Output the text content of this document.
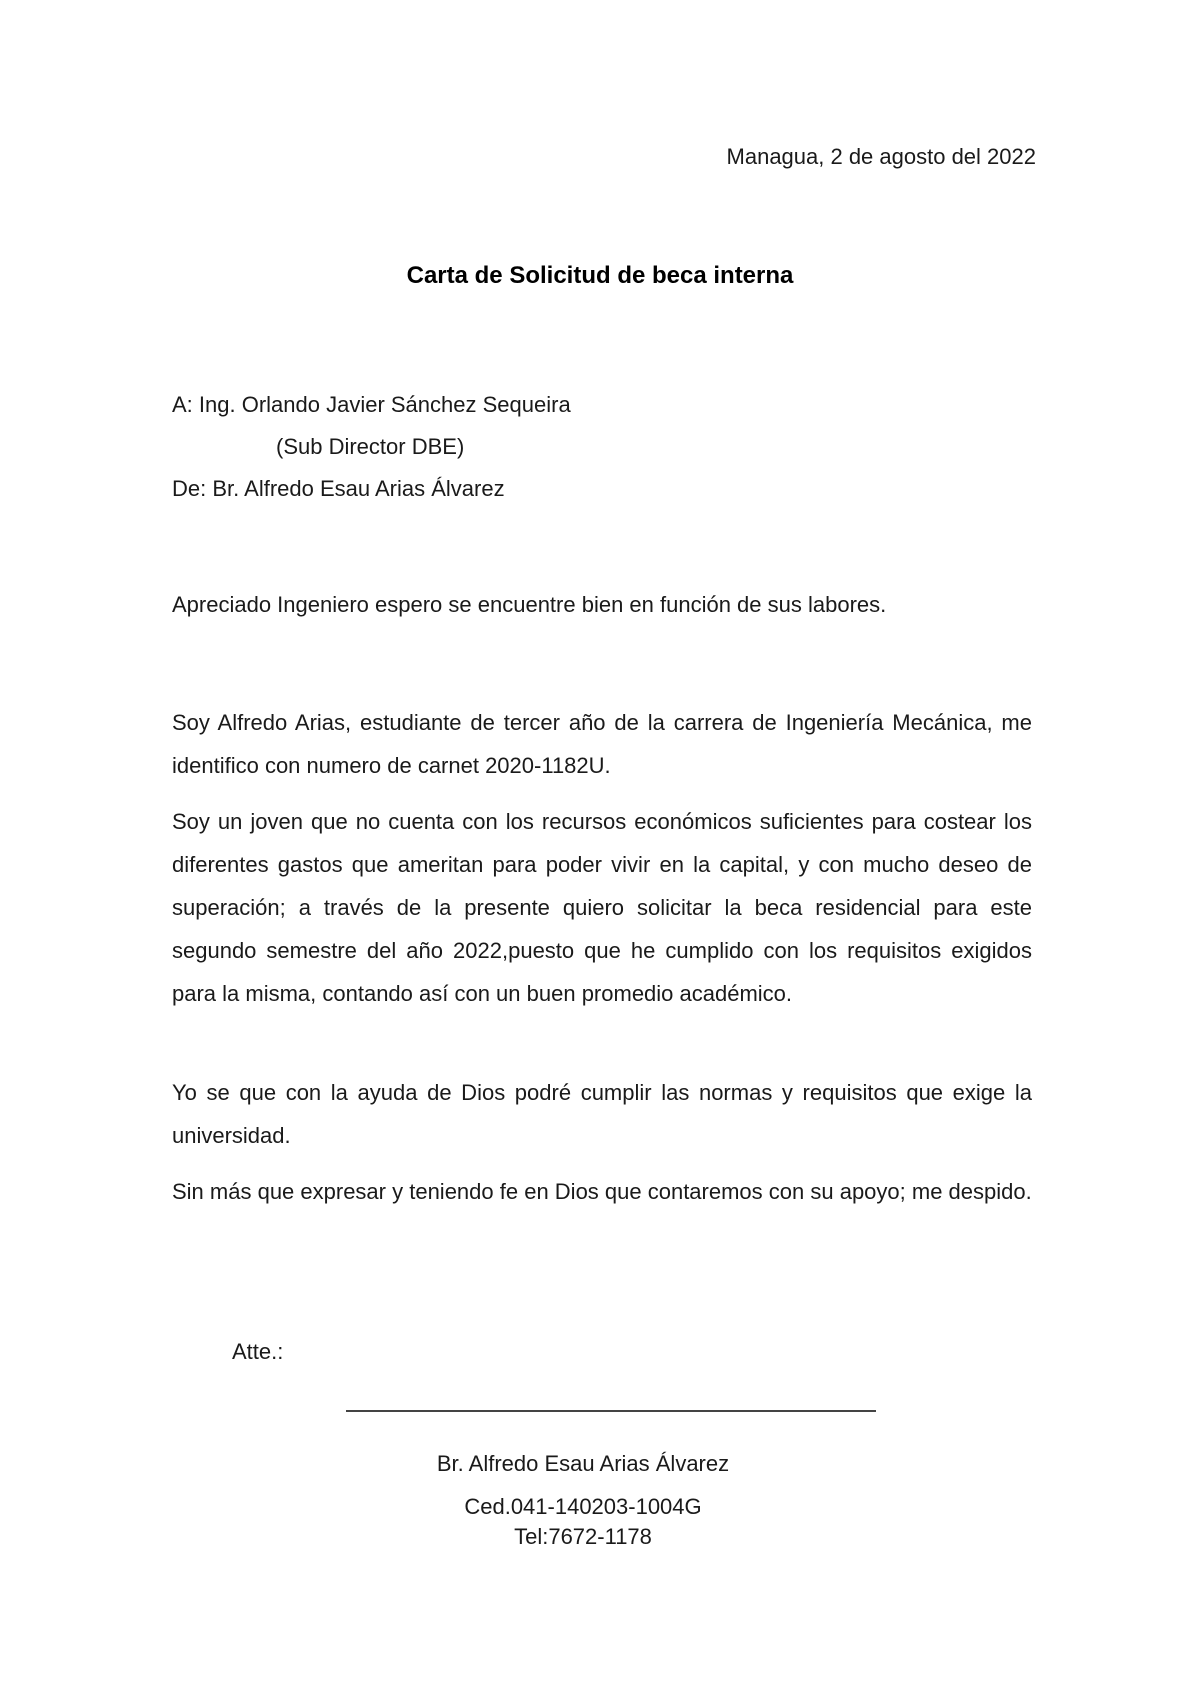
Managua, 2 de agosto del 2022
Carta de Solicitud de beca interna
A: Ing. Orlando Javier Sánchez Sequeira
(Sub Director DBE)
De: Br. Alfredo Esau Arias Álvarez
Apreciado Ingeniero espero se encuentre bien en función de sus labores.
Soy Alfredo Arias, estudiante de tercer año de la carrera de Ingeniería Mecánica, me identifico con numero de carnet 2020-1182U.
Soy un joven que no cuenta con los recursos económicos suficientes para costear los diferentes gastos que ameritan para poder vivir en la capital, y con mucho deseo de superación; a través de la presente quiero solicitar la beca residencial para este segundo semestre del año 2022,puesto que he cumplido con los requisitos exigidos para la misma, contando así con un buen promedio académico.
Yo se que con la ayuda de Dios podré cumplir las normas y requisitos que exige la universidad.
Sin más que expresar y teniendo fe en Dios que contaremos con su apoyo; me despido.
Atte.:
Br. Alfredo Esau Arias Álvarez
Ced.041-140203-1004G
Tel:7672-1178
